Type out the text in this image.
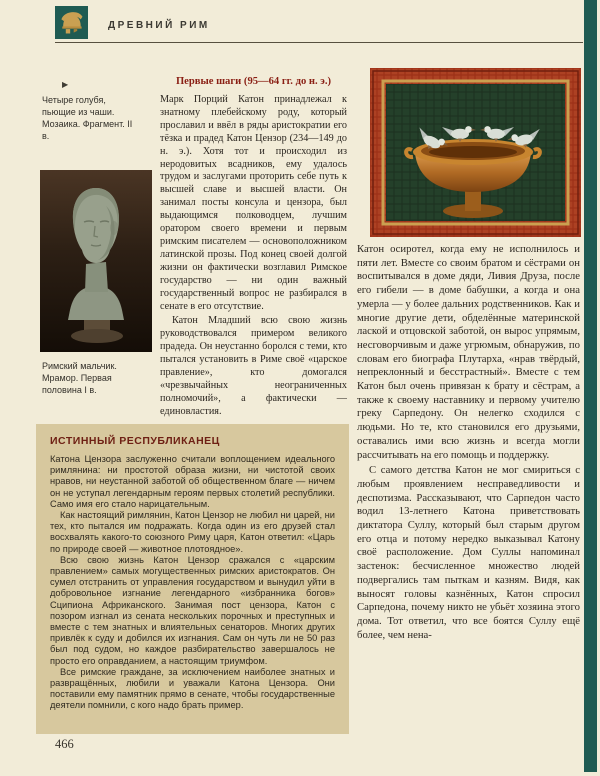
ДРЕВНИЙ РИМ
▶
Четыре голубя, пьющие из чаши. Мозаика. Фрагмент. II в.
Римский мальчик. Мрамор. Первая половина I в.
Первые шаги (95—64 гг. до н. э.)

Марк Порций Катон принадлежал к знатному плебейскому роду, который прославил и ввёл в ряды аристократии его тёзка и прадед Катон Цензор (234—149 до н. э.). Хотя тот и происходил из неродовитых всадников, ему удалось трудом и заслугами проторить себе путь к высшей славе и высшей власти. Он занимал посты консула и цензора, был выдающимся полководцем, лучшим оратором своего времени и первым римским писателем — основоположником латинской прозы. Под конец своей долгой жизни он фактически возглавил Римское государство — ни один важный государственный вопрос не разбирался в сенате в его отсутствие.

Катон Младший всю свою жизнь руководствовался примером великого прадеда. Он неустанно боролся с теми, кто пытался установить в Риме своё «царское правление», кто домогался «чрезвычайных неограниченных полномочий», а фактически — единовластия.

Катон осиротел, когда ему не исполнилось и пяти лет. Вместе со своим братом и сёстрами он воспитывался в доме дяди, Ливия Друза, после его гибели — в доме бабушки, а когда и она умерла — у более дальних родственников. Как и многие другие дети, обделённые материнской лаской и отцовской заботой, он вырос упрямым, несговорчивым и даже угрюмым, обнаружив, по словам его биографа Плутарха, «нрав твёрдый, непреклонный и бесстрастный». Вместе с тем Катон был очень привязан к брату и сёстрам, а также к своему наставнику и первому учителю греку Сарпедону. Он нелегко сходился с людьми. Но те, кто становился его друзьями, оставались ими всю жизнь и всегда могли рассчитывать на его помощь и поддержку.

С самого детства Катон не мог смириться с любым проявлением несправедливости и деспотизма. Рассказывают, что Сарпедон часто водил 13-летнего Катона приветствовать диктатора Суллу, который был старым другом его отца и потому нередко выказывал Катону своё расположение. Дом Суллы напоминал застенок: бесчисленное множество людей подвергались там пыткам и казням. Видя, как выносят головы казнённых, Катон спросил Сарпедона, почему никто не убьёт хозяина этого дома. Тот ответил, что все боятся Суллу ещё более, чем нена-

ИСТИННЫЙ РЕСПУБЛИКАНЕЦ

Катона Цензора заслуженно считали воплощением идеального римлянина: ни простотой образа жизни, ни чистотой своих нравов, ни неустанной заботой об общественном благе — ничем он не уступал легендарным героям первых столетий республики. Само имя его стало нарицательным.

Как настоящий римлянин, Катон Цензор не любил ни царей, ни тех, кто пытался им подражать. Когда один из его друзей стал восхвалять какого-то союзного Риму царя, Катон ответил: «Царь по природе своей — животное плотоядное».

Всю свою жизнь Катон Цензор сражался с «царским правлением» самых могущественных римских аристократов. Он сумел отстранить от управления государством и вынудил уйти в добровольное изгнание легендарного «избранника богов» Сципиона Африканского. Занимая пост цензора, Катон с позором изгнал из сената нескольких порочных и преступных и вместе с тем знатных и влиятельных сенаторов. Многих других привлёк к суду и добился их изгнания. Сам он чуть ли не 50 раз был под судом, но каждое разбирательство завершалось не просто его оправданием, а настоящим триумфом.

Все римские граждане, за исключением наиболее знатных и развращённых, любили и уважали Катона Цензора. Они поставили ему памятник прямо в сенате, чтобы государственные деятели помнили, с кого надо брать пример.

466
